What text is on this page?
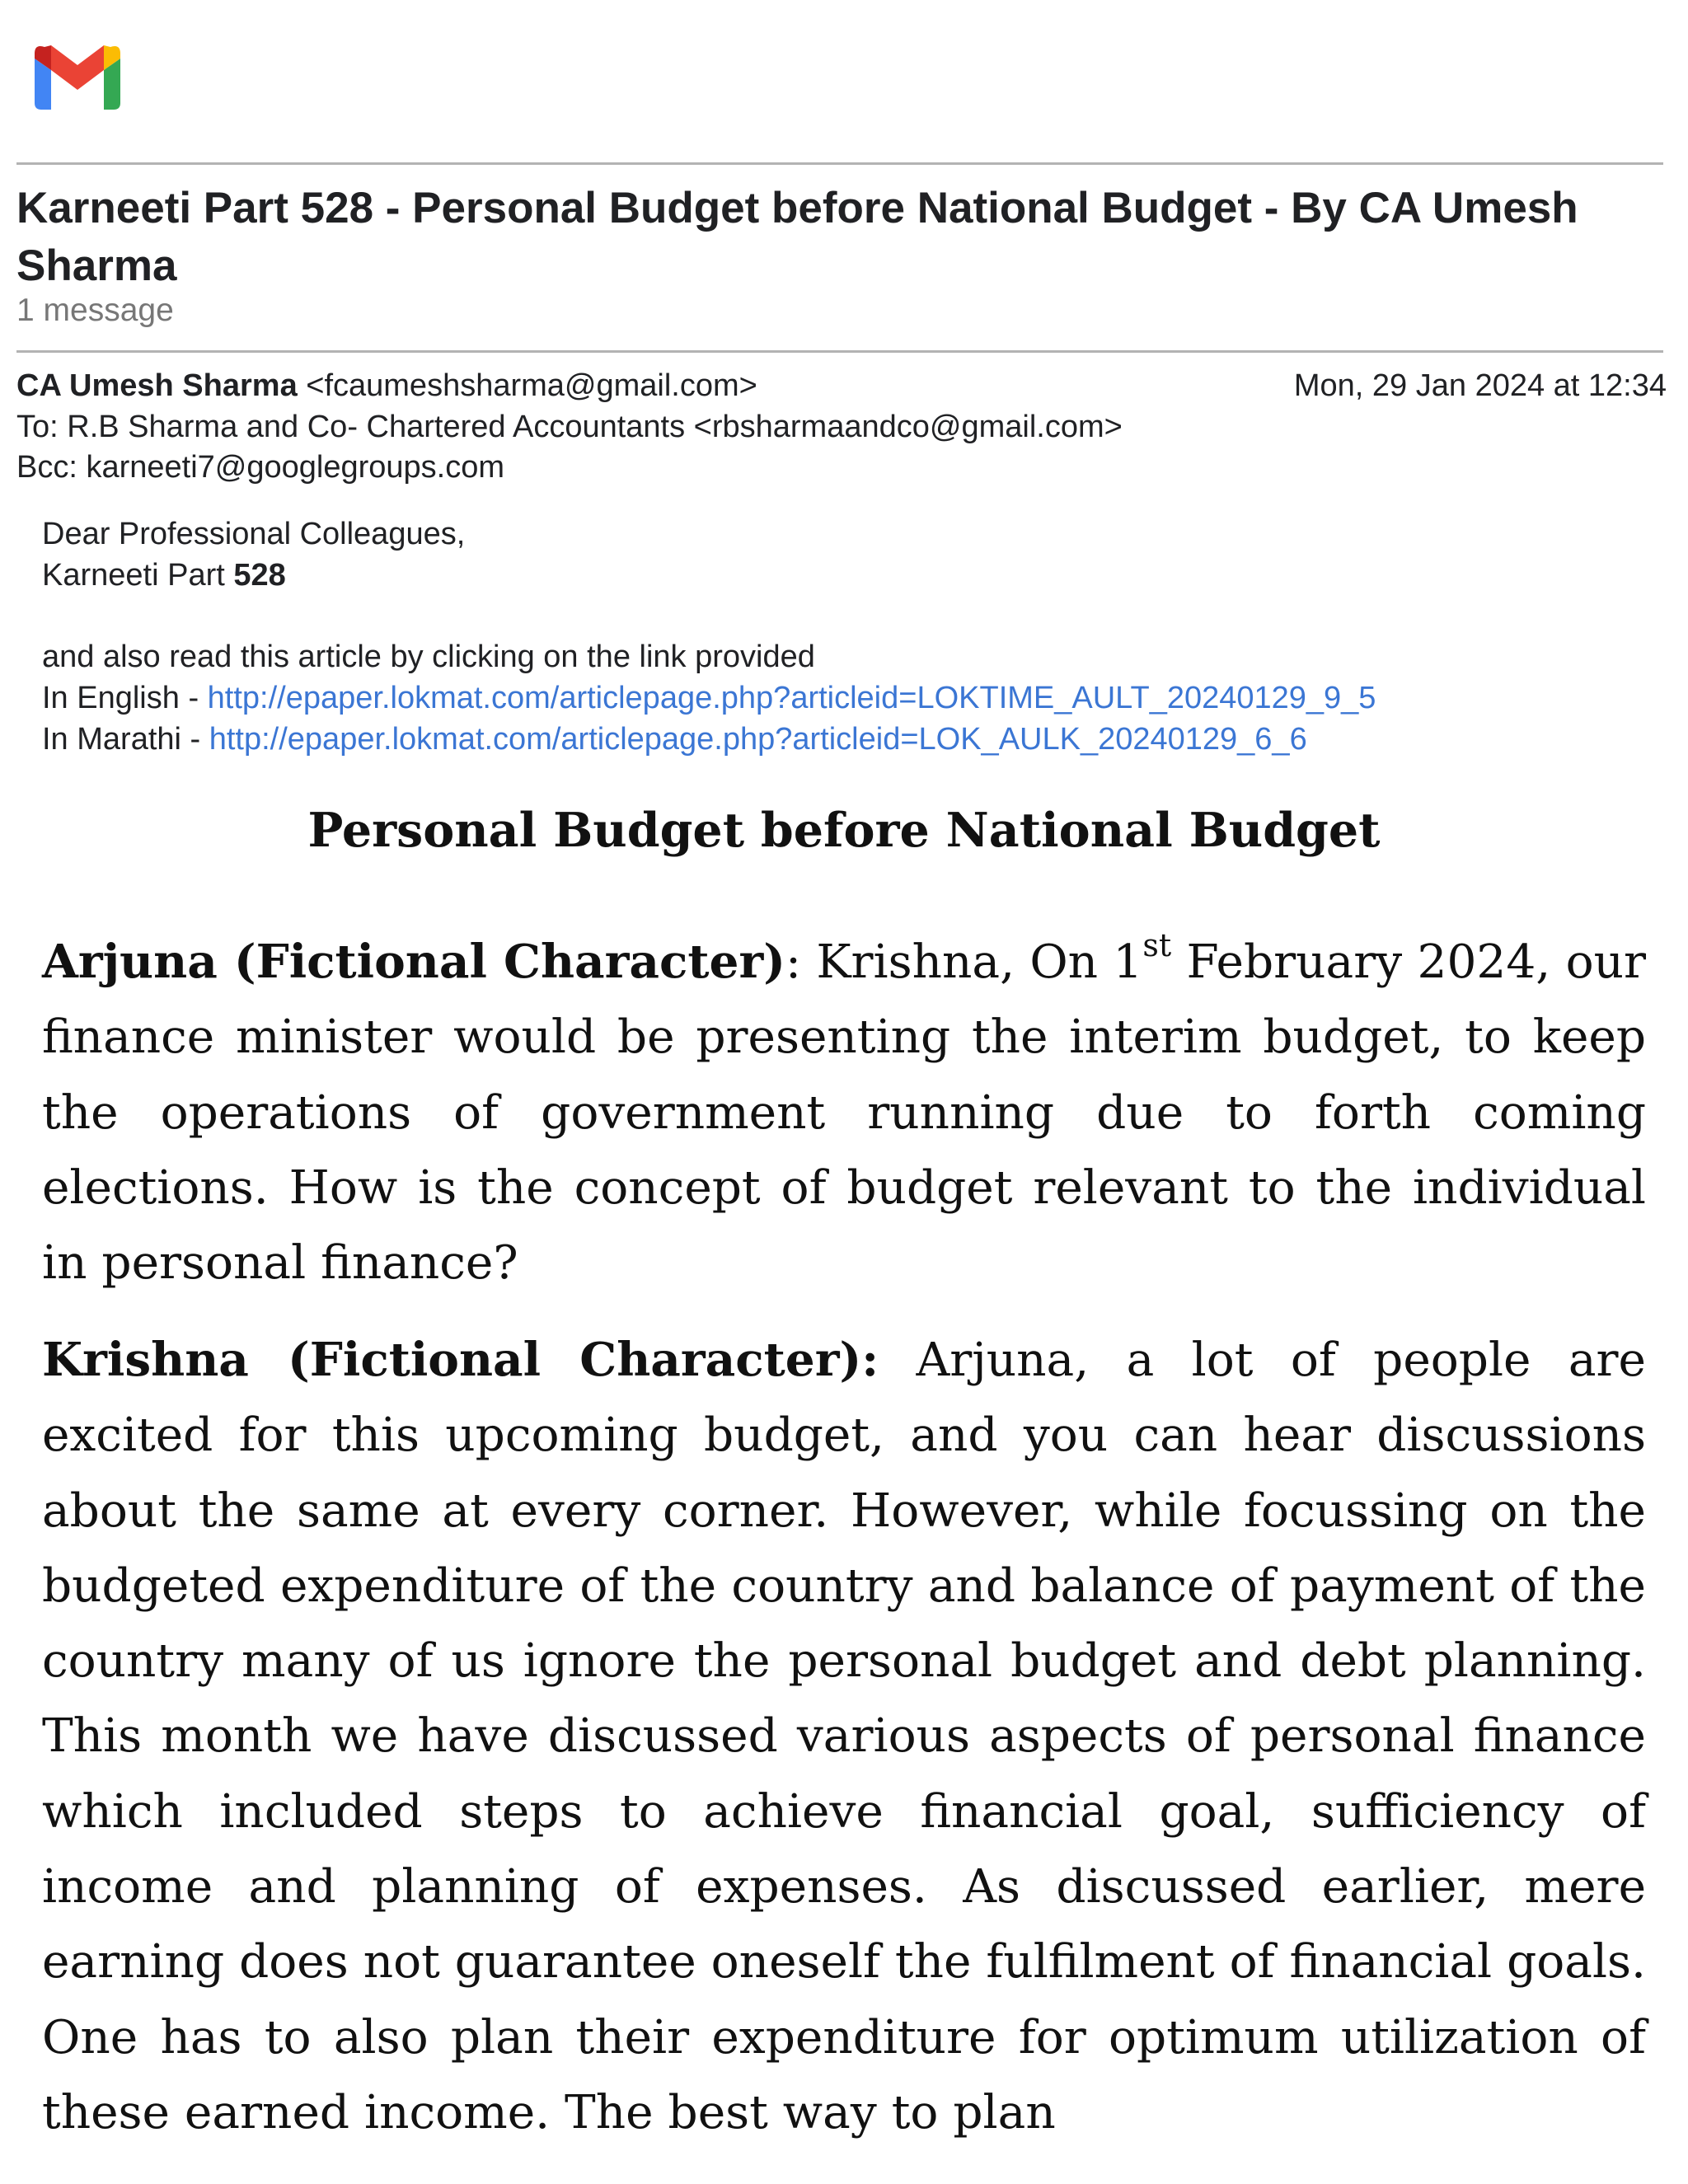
Karneeti Part 528 - Personal Budget before National Budget - By CA Umesh Sharma
1 message
CA Umesh Sharma <fcaumeshsharma@gmail.com>	Mon, 29 Jan 2024 at 12:34
To: R.B Sharma and Co- Chartered Accountants <rbsharmaandco@gmail.com>
Bcc: karneeti7@googlegroups.com
Dear Professional Colleagues,
Karneeti Part 528
and also read this article by clicking on the link provided
In English - http://epaper.lokmat.com/articlepage.php?articleid=LOKTIME_AULT_20240129_9_5
In Marathi - http://epaper.lokmat.com/articlepage.php?articleid=LOK_AULK_20240129_6_6
Personal Budget before National Budget

Arjuna (Fictional Character): Krishna, On 1st February 2024, our finance minister would be presenting the interim budget, to keep the operations of government running due to forth coming elections. How is the concept of budget relevant to the individual in personal finance?

Krishna (Fictional Character): Arjuna, a lot of people are excited for this upcoming budget, and you can hear discussions about the same at every corner. However, while focussing on the budgeted expenditure of the country and balance of payment of the country many of us ignore the personal budget and debt planning. This month we have discussed various aspects of personal finance which included steps to achieve financial goal, sufficiency of income and planning of expenses. As discussed earlier, mere earning does not guarantee oneself the fulfilment of financial goals. One has to also plan their expenditure for optimum utilization of these earned income. The best way to plan
